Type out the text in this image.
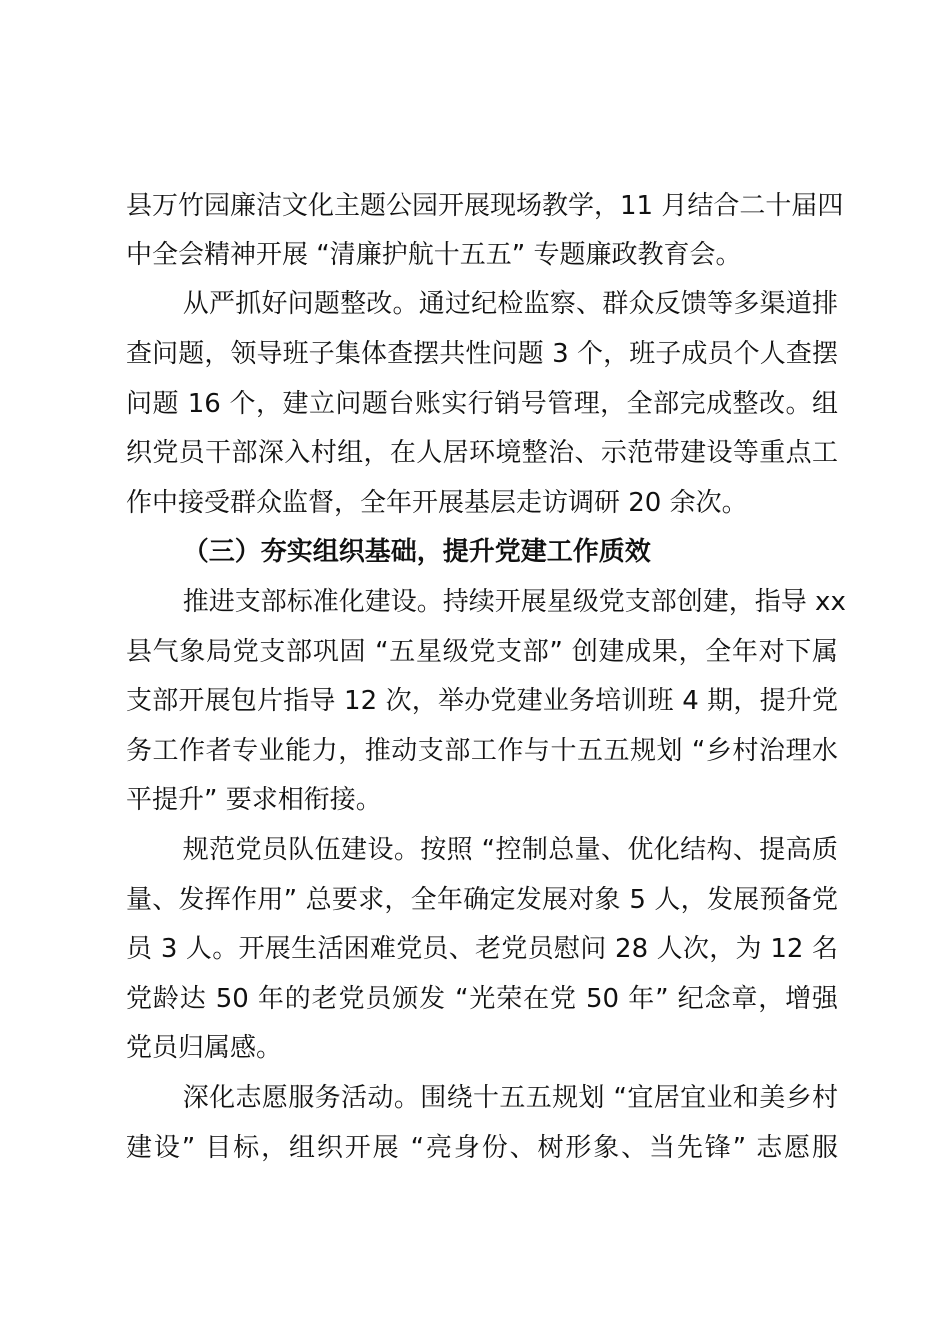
县万竹园廉洁文化主题公园开展现场教学，11 月结合二十届四
中全会精神开展 “清廉护航十五五” 专题廉政教育会。
从严抓好问题整改。通过纪检监察、群众反馈等多渠道排
查问题，领导班子集体查摆共性问题 3 个，班子成员个人查摆
问题 16 个，建立问题台账实行销号管理，全部完成整改。组
织党员干部深入村组，在人居环境整治、示范带建设等重点工
作中接受群众监督，全年开展基层走访调研 20 余次。
（三）夯实组织基础，提升党建工作质效
推进支部标准化建设。持续开展星级党支部创建，指导 xx
县气象局党支部巩固 “五星级党支部” 创建成果，全年对下属
支部开展包片指导 12 次，举办党建业务培训班 4 期，提升党
务工作者专业能力，推动支部工作与十五五规划 “乡村治理水
平提升” 要求相衔接。
规范党员队伍建设。按照 “控制总量、优化结构、提高质
量、发挥作用” 总要求，全年确定发展对象 5 人，发展预备党
员 3 人。开展生活困难党员、老党员慰问 28 人次，为 12 名
党龄达 50 年的老党员颁发 “光荣在党 50 年” 纪念章，增强
党员归属感。
深化志愿服务活动。围绕十五五规划 “宜居宜业和美乡村
建设” 目标，组织开展 “亮身份、树形象、当先锋” 志愿服
